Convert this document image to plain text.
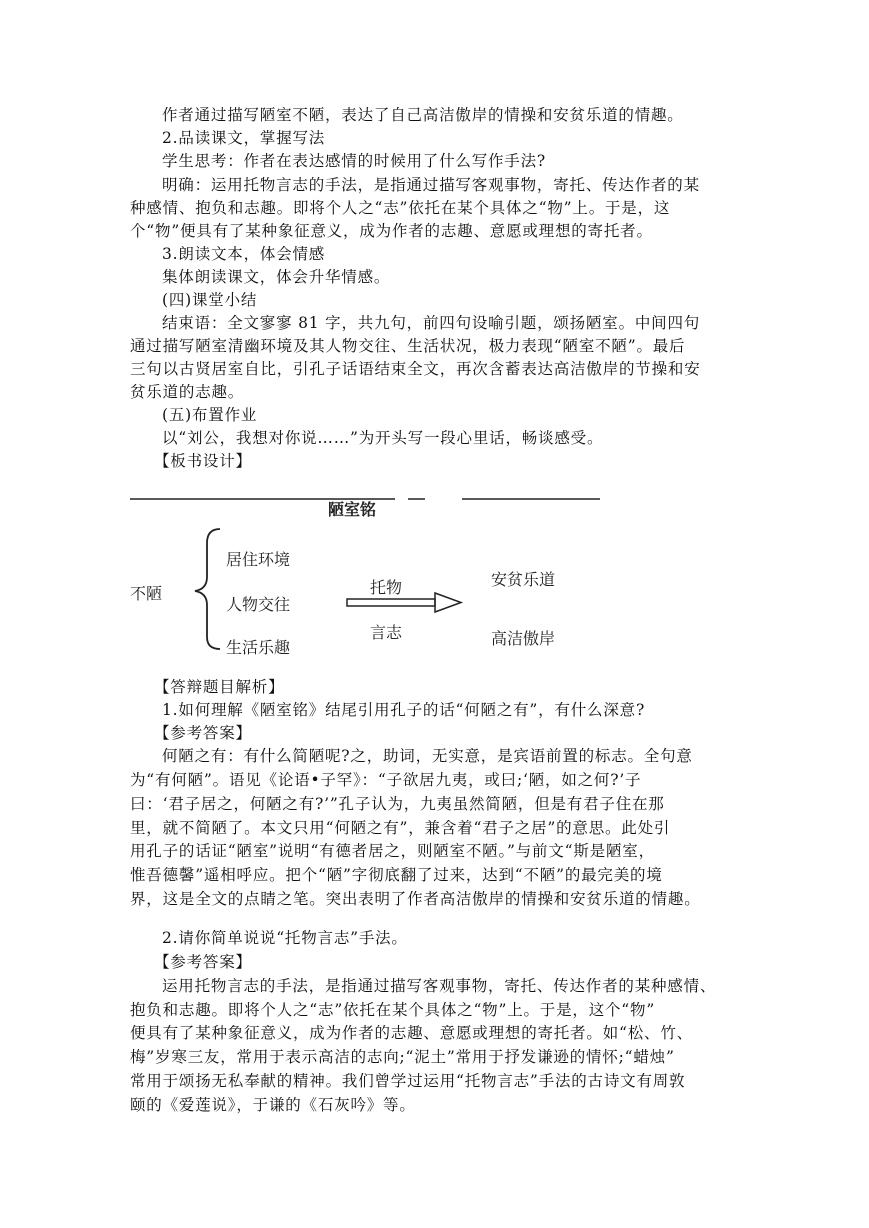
作者通过描写陋室不陋，表达了自己高洁傲岸的情操和安贫乐道的情趣。
2.品读课文，掌握写法
学生思考：作者在表达感情的时候用了什么写作手法?
明确：运用托物言志的手法，是指通过描写客观事物，寄托、传达作者的某
种感情、抱负和志趣。即将个人之“志”依托在某个具体之“物”上。于是，这
个“物”便具有了某种象征意义，成为作者的志趣、意愿或理想的寄托者。
3.朗读文本，体会情感
集体朗读课文，体会升华情感。
(四)课堂小结
结束语：全文寥寥 81 字，共九句，前四句设喻引题，颂扬陋室。中间四句
通过描写陋室清幽环境及其人物交往、生活状况，极力表现“陋室不陋”。最后
三句以古贤居室自比，引孔子话语结束全文，再次含蓄表达高洁傲岸的节操和安
贫乐道的志趣。
(五)布置作业
以“刘公，我想对你说……”为开头写一段心里话，畅谈感受。
【板书设计】
陋室铭
不陋
居住环境
人物交往
生活乐趣
托物
言志
安贫乐道
高洁傲岸
【答辩题目解析】
1.如何理解《陋室铭》结尾引用孔子的话“何陋之有”，有什么深意?
【参考答案】
何陋之有：有什么简陋呢?之，助词，无实意，是宾语前置的标志。全句意
为“有何陋”。语见《论语•子罕》：“子欲居九夷，或曰;‘陋，如之何?’子
曰：‘君子居之，何陋之有?’”孔子认为，九夷虽然简陋，但是有君子住在那
里，就不简陋了。本文只用“何陋之有”，兼含着“君子之居”的意思。此处引
用孔子的话证“陋室”说明“有德者居之，则陋室不陋。”与前文“斯是陋室，
惟吾德馨”遥相呼应。把个“陋”字彻底翻了过来，达到“不陋”的最完美的境
界，这是全文的点睛之笔。突出表明了作者高洁傲岸的情操和安贫乐道的情趣。
2.请你简单说说“托物言志”手法。
【参考答案】
运用托物言志的手法，是指通过描写客观事物，寄托、传达作者的某种感情、
抱负和志趣。即将个人之“志”依托在某个具体之“物”上。于是，这个“物”
便具有了某种象征意义，成为作者的志趣、意愿或理想的寄托者。如“松、竹、
梅”岁寒三友，常用于表示高洁的志向;“泥土”常用于抒发谦逊的情怀;“蜡烛”
常用于颂扬无私奉献的精神。我们曾学过运用“托物言志”手法的古诗文有周敦
颐的《爱莲说》，于谦的《石灰吟》等。
